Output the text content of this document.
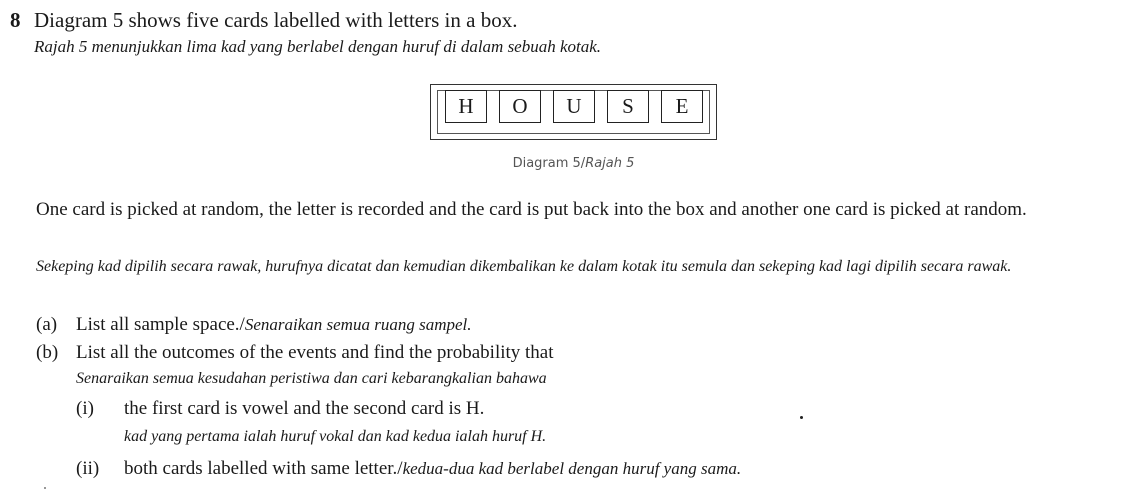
8 Diagram 5 shows five cards labelled with letters in a box.
Rajah 5 menunjukkan lima kad yang berlabel dengan huruf di dalam sebuah kotak.
H	O	U	S	E
Diagram 5/Rajah 5
One card is picked at random, the letter is recorded and the card is put back into the box and another one card is picked at random.
Sekeping kad dipilih secara rawak, hurufnya dicatat dan kemudian dikembalikan ke dalam kotak itu semula dan sekeping kad lagi dipilih secara rawak.
(a) List all sample space./Senaraikan semua ruang sampel.
(b) List all the outcomes of the events and find the probability that
Senaraikan semua kesudahan peristiwa dan cari kebarangkalian bahawa
(i) the first card is vowel and the second card is H.
kad yang pertama ialah huruf vokal dan kad kedua ialah huruf H.
(ii) both cards labelled with same letter./kedua-dua kad berlabel dengan huruf yang sama.
